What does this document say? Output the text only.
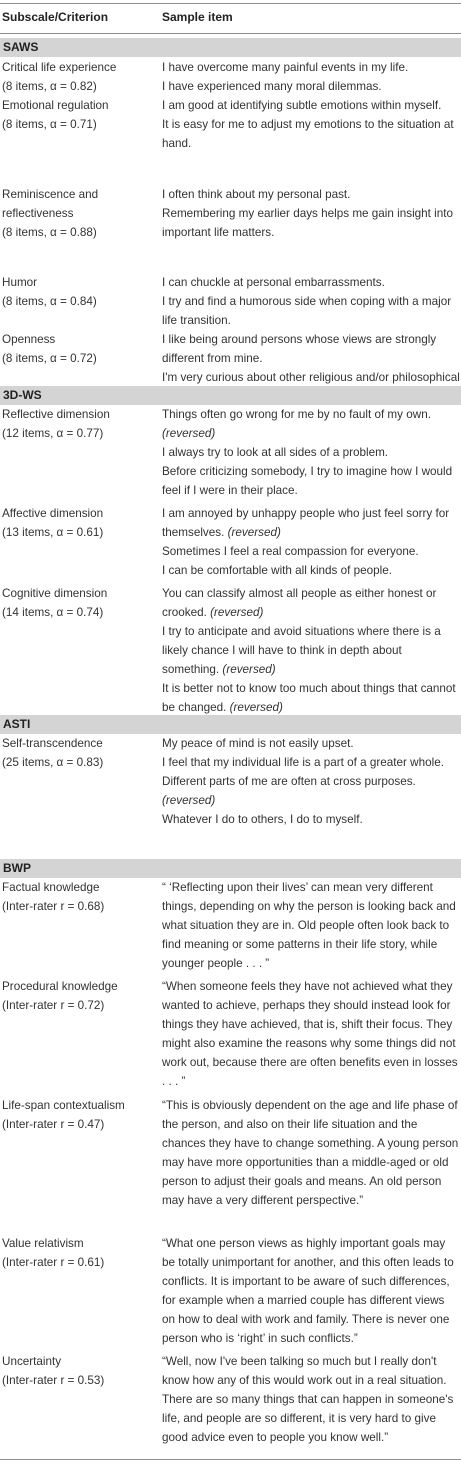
Subscale/Criterion	Sample item
SAWS
Critical life experience
(8 items, α = 0.82)
I have overcome many painful events in my life.
I have experienced many moral dilemmas.
Emotional regulation
(8 items, α = 0.71)
I am good at identifying subtle emotions within myself.
It is easy for me to adjust my emotions to the situation at hand.
Reminiscence and reflectiveness
(8 items, α = 0.88)
I often think about my personal past.
Remembering my earlier days helps me gain insight into important life matters.
Humor
(8 items, α = 0.84)
I can chuckle at personal embarrassments.
I try and find a humorous side when coping with a major life transition.
Openness
(8 items, α = 0.72)
I like being around persons whose views are strongly different from mine.
I'm very curious about other religious and/or philosophical
3D-WS
Reflective dimension
(12 items, α = 0.77)
Things often go wrong for me by no fault of my own. (reversed)
I always try to look at all sides of a problem.
Before criticizing somebody, I try to imagine how I would feel if I were in their place.
Affective dimension
(13 items, α = 0.61)
I am annoyed by unhappy people who just feel sorry for themselves. (reversed)
Sometimes I feel a real compassion for everyone.
I can be comfortable with all kinds of people.
Cognitive dimension
(14 items, α = 0.74)
You can classify almost all people as either honest or crooked. (reversed)
I try to anticipate and avoid situations where there is a likely chance I will have to think in depth about something. (reversed)
It is better not to know too much about things that cannot be changed. (reversed)
ASTI
Self-transcendence
(25 items, α = 0.83)
My peace of mind is not easily upset.
I feel that my individual life is a part of a greater whole.
Different parts of me are often at cross purposes. (reversed)
Whatever I do to others, I do to myself.
BWP
Factual knowledge
(Inter-rater r = 0.68)
“ ‘Reflecting upon their lives’ can mean very different things, depending on why the person is looking back and what situation they are in. Old people often look back to find meaning or some patterns in their life story, while younger people . . . ”
Procedural knowledge
(Inter-rater r = 0.72)
“When someone feels they have not achieved what they wanted to achieve, perhaps they should instead look for things they have achieved, that is, shift their focus. They might also examine the reasons why some things did not work out, because there are often benefits even in losses . . . ”
Life-span contextualism
(Inter-rater r = 0.47)
“This is obviously dependent on the age and life phase of the person, and also on their life situation and the chances they have to change something. A young person may have more opportunities than a middle-aged or old person to adjust their goals and means. An old person may have a very different perspective.”
Value relativism
(Inter-rater r = 0.61)
“What one person views as highly important goals may be totally unimportant for another, and this often leads to conflicts. It is important to be aware of such differences, for example when a married couple has different views on how to deal with work and family. There is never one person who is ‘right’ in such conflicts.”
Uncertainty
(Inter-rater r = 0.53)
“Well, now I've been talking so much but I really don't know how any of this would work out in a real situation. There are so many things that can happen in someone's life, and people are so different, it is very hard to give good advice even to people you know well.”
